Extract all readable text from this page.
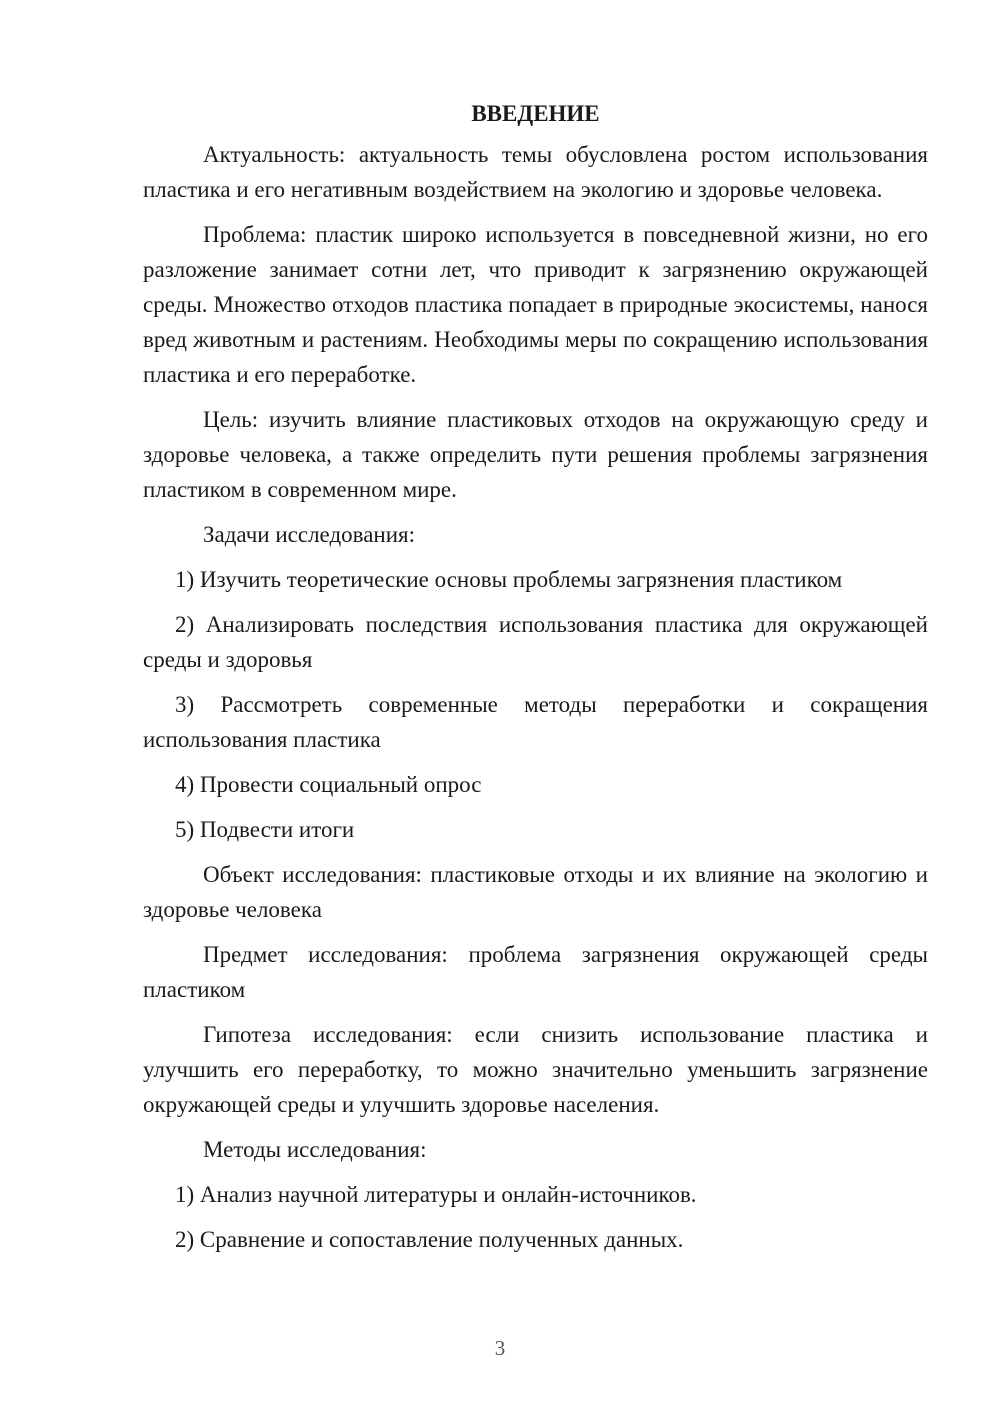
ВВЕДЕНИЕ

Актуальность: актуальность темы обусловлена ростом использования пластика и его негативным воздействием на экологию и здоровье человека.

Проблема: пластик широко используется в повседневной жизни, но его разложение занимает сотни лет, что приводит к загрязнению окружающей среды. Множество отходов пластика попадает в природные экосистемы, нанося вред животным и растениям. Необходимы меры по сокращению использования пластика и его переработке.

Цель: изучить влияние пластиковых отходов на окружающую среду и здоровье человека, а также определить пути решения проблемы загрязнения пластиком в современном мире.

Задачи исследования:

1) Изучить теоретические основы проблемы загрязнения пластиком

2) Анализировать последствия использования пластика для окружающей среды и здоровья

3) Рассмотреть современные методы переработки и сокращения использования пластика

4) Провести социальный опрос

5) Подвести итоги

Объект исследования: пластиковые отходы и их влияние на экологию и здоровье человека

Предмет исследования: проблема загрязнения окружающей среды пластиком

Гипотеза исследования: если снизить использование пластика и улучшить его переработку, то можно значительно уменьшить загрязнение окружающей среды и улучшить здоровье населения.

Методы исследования:

1) Анализ научной литературы и онлайн-источников.

2) Сравнение и сопоставление полученных данных.

3
